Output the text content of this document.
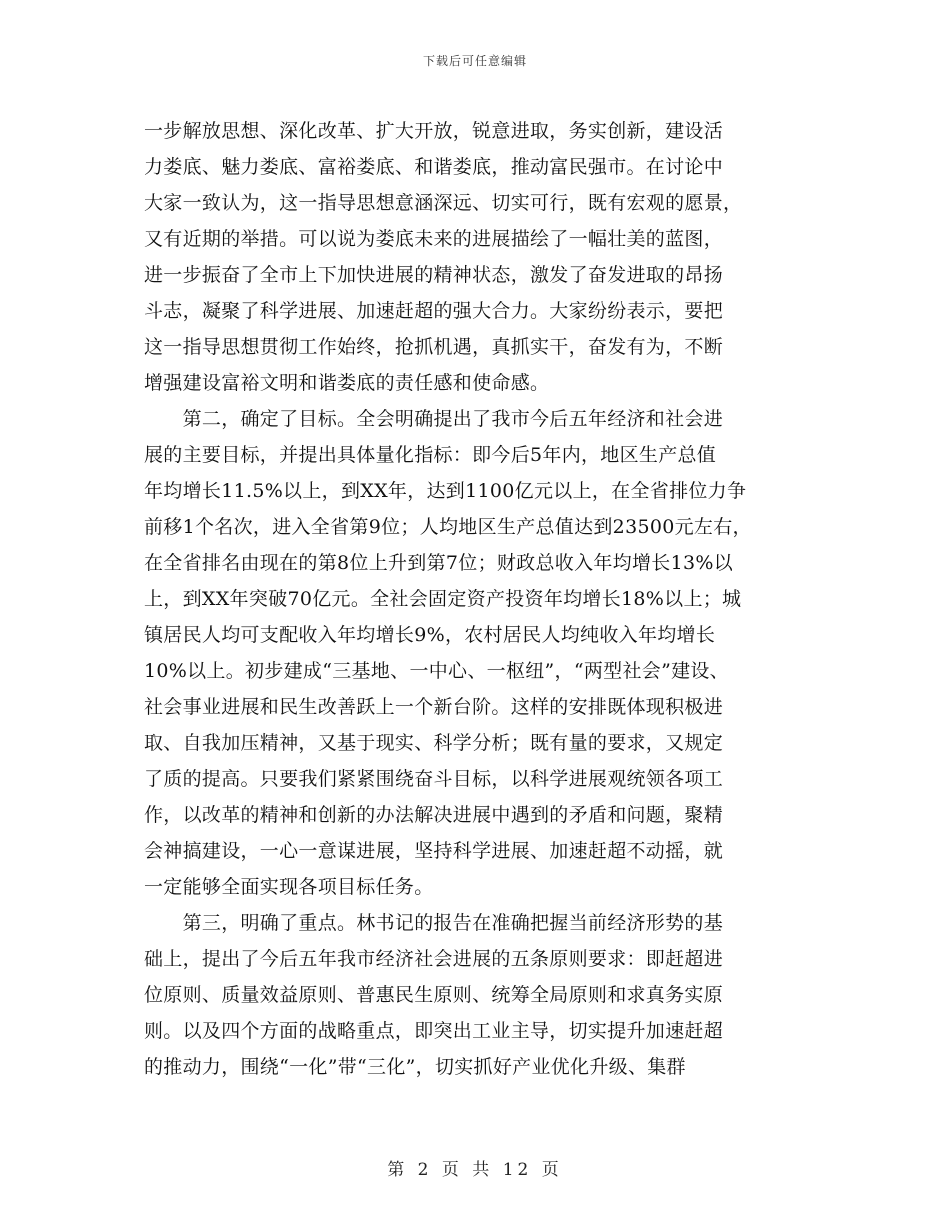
下载后可任意编辑
一步解放思想、深化改革、扩大开放，锐意进取，务实创新，建设活
力娄底、魅力娄底、富裕娄底、和谐娄底，推动富民强市。在讨论中
大家一致认为，这一指导思想意涵深远、切实可行，既有宏观的愿景，
又有近期的举措。可以说为娄底未来的进展描绘了一幅壮美的蓝图，
进一步振奋了全市上下加快进展的精神状态，激发了奋发进取的昂扬
斗志，凝聚了科学进展、加速赶超的强大合力。大家纷纷表示，要把
这一指导思想贯彻工作始终，抢抓机遇，真抓实干，奋发有为，不断
增强建设富裕文明和谐娄底的责任感和使命感。
　　第二，确定了目标。全会明确提出了我市今后五年经济和社会进
展的主要目标，并提出具体量化指标：即今后5年内，地区生产总值
年均增长11.5%以上，到XX年，达到1100亿元以上，在全省排位力争
前移1个名次，进入全省第9位；人均地区生产总值达到23500元左右，
在全省排名由现在的第8位上升到第7位；财政总收入年均增长13%以
上，到XX年突破70亿元。全社会固定资产投资年均增长18%以上；城
镇居民人均可支配收入年均增长9%，农村居民人均纯收入年均增长
10%以上。初步建成“三基地、一中心、一枢纽”，“两型社会”建设、
社会事业进展和民生改善跃上一个新台阶。这样的安排既体现积极进
取、自我加压精神，又基于现实、科学分析；既有量的要求，又规定
了质的提高。只要我们紧紧围绕奋斗目标，以科学进展观统领各项工
作，以改革的精神和创新的办法解决进展中遇到的矛盾和问题，聚精
会神搞建设，一心一意谋进展，坚持科学进展、加速赶超不动摇，就
一定能够全面实现各项目标任务。
　　第三，明确了重点。林书记的报告在准确把握当前经济形势的基
础上，提出了今后五年我市经济社会进展的五条原则要求：即赶超进
位原则、质量效益原则、普惠民生原则、统筹全局原则和求真务实原
则。以及四个方面的战略重点，即突出工业主导，切实提升加速赶超
的推动力，围绕“一化”带“三化”，切实抓好产业优化升级、集群
第 2 页 共 12 页
